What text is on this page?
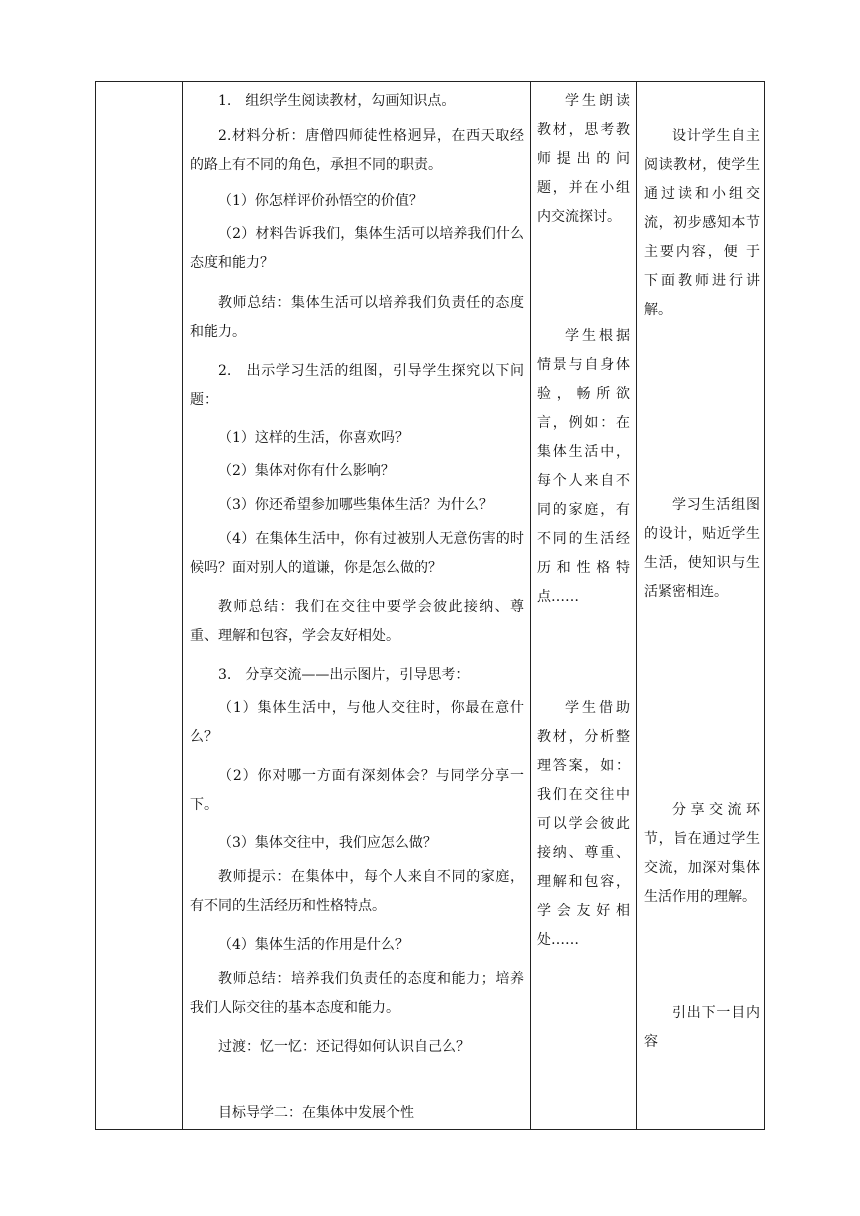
1.　组织学生阅读教材，勾画知识点。
2.材料分析：唐僧四师徒性格迥异，在西天取经的路上有不同的角色，承担不同的职责。
（1）你怎样评价孙悟空的价值？
（2）材料告诉我们，集体生活可以培养我们什么态度和能力？
教师总结：集体生活可以培养我们负责任的态度和能力。
2.　出示学习生活的组图，引导学生探究以下问题：
（1）这样的生活，你喜欢吗？
（2）集体对你有什么影响？
（3）你还希望参加哪些集体生活？为什么？
（4）在集体生活中，你有过被别人无意伤害的时候吗？面对别人的道谦，你是怎么做的？
教师总结：我们在交往中要学会彼此接纳、尊重、理解和包容，学会友好相处。
3.　分享交流——出示图片，引导思考：
（1）集体生活中，与他人交往时，你最在意什么？
（2）你对哪一方面有深刻体会？与同学分享一下。
（3）集体交往中，我们应怎么做？
教师提示：在集体中，每个人来自不同的家庭，有不同的生活经历和性格特点。
（4）集体生活的作用是什么？
教师总结：培养我们负责任的态度和能力；培养我们人际交往的基本态度和能力。
过渡：忆一忆：还记得如何认识自己么？
目标导学二：在集体中发展个性
学生朗读教材，思考教师提出的问题，并在小组内交流探讨。
学生根据情景与自身体验，畅所欲言，例如：在集体生活中，每个人来自不同的家庭，有不同的生活经历和性格特点……
学生借助教材，分析整理答案，如：我们在交往中可以学会彼此接纳、尊重、理解和包容，学会友好相处……
设计学生自主阅读教材，使学生通过读和小组交流，初步感知本节主要内容，便 于下面教师进行讲解。
学习生活组图的设计，贴近学生生活，使知识与生活紧密相连。
分享交流环节，旨在通过学生交流，加深对集体生活作用的理解。
引出下一目内容
